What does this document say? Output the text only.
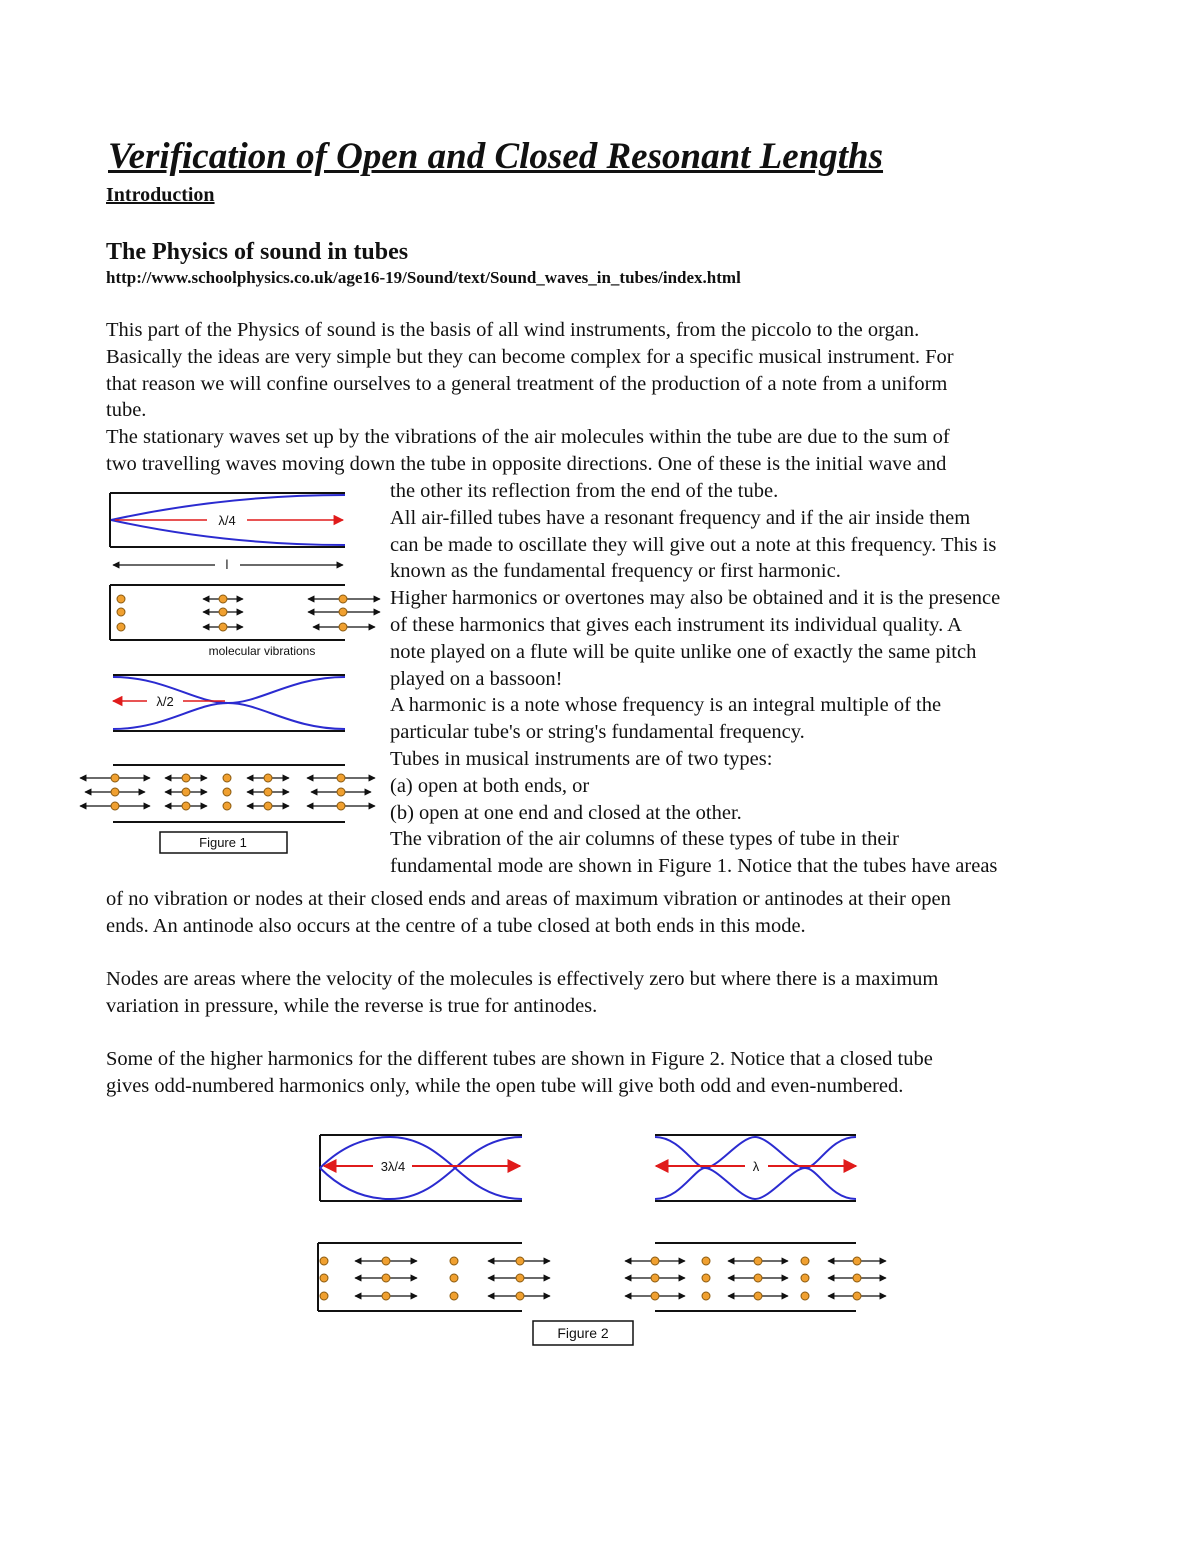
Verification of Open and Closed Resonant Lengths
Introduction
The Physics of sound in tubes
http://www.schoolphysics.co.uk/age16-19/Sound/text/Sound_waves_in_tubes/index.html
This part of the Physics of sound is the basis of all wind instruments, from the piccolo to the organ.
Basically the ideas are very simple but they can become complex for a specific musical instrument. For
that reason we will confine ourselves to a general treatment of the production of a note from a uniform
tube.
The stationary waves set up by the vibrations of the air molecules within the tube are due to the sum of
two travelling waves moving down the tube in opposite directions. One of these is the initial wave and
the other its reflection from the end of the tube.
All air-filled tubes have a resonant frequency and if the air inside them
can be made to oscillate they will give out a note at this frequency. This is
known as the fundamental frequency or first harmonic.
Higher harmonics or overtones may also be obtained and it is the presence
of these harmonics that gives each instrument its individual quality. A
note played on a flute will be quite unlike one of exactly the same pitch
played on a bassoon!
A harmonic is a note whose frequency is an integral multiple of the
particular tube's or string's fundamental frequency.
Tubes in musical instruments are of two types:
(a) open at both ends, or
(b) open at one end and closed at the other.
The vibration of the air columns of these types of tube in their
fundamental mode are shown in Figure 1. Notice that the tubes have areas
of no vibration or nodes at their closed ends and areas of maximum vibration or antinodes at their open
ends. An antinode also occurs at the centre of a tube closed at both ends in this mode.
Nodes are areas where the velocity of the molecules is effectively zero but where there is a maximum
variation in pressure, while the reverse is true for antinodes.
Some of the higher harmonics for the different tubes are shown in Figure 2. Notice that a closed tube
gives odd-numbered harmonics only, while the open tube will give both odd and even-numbered.
λ/4
l
molecular vibrations
λ/2
Figure 1
3λ/4	λ
Figure 2
